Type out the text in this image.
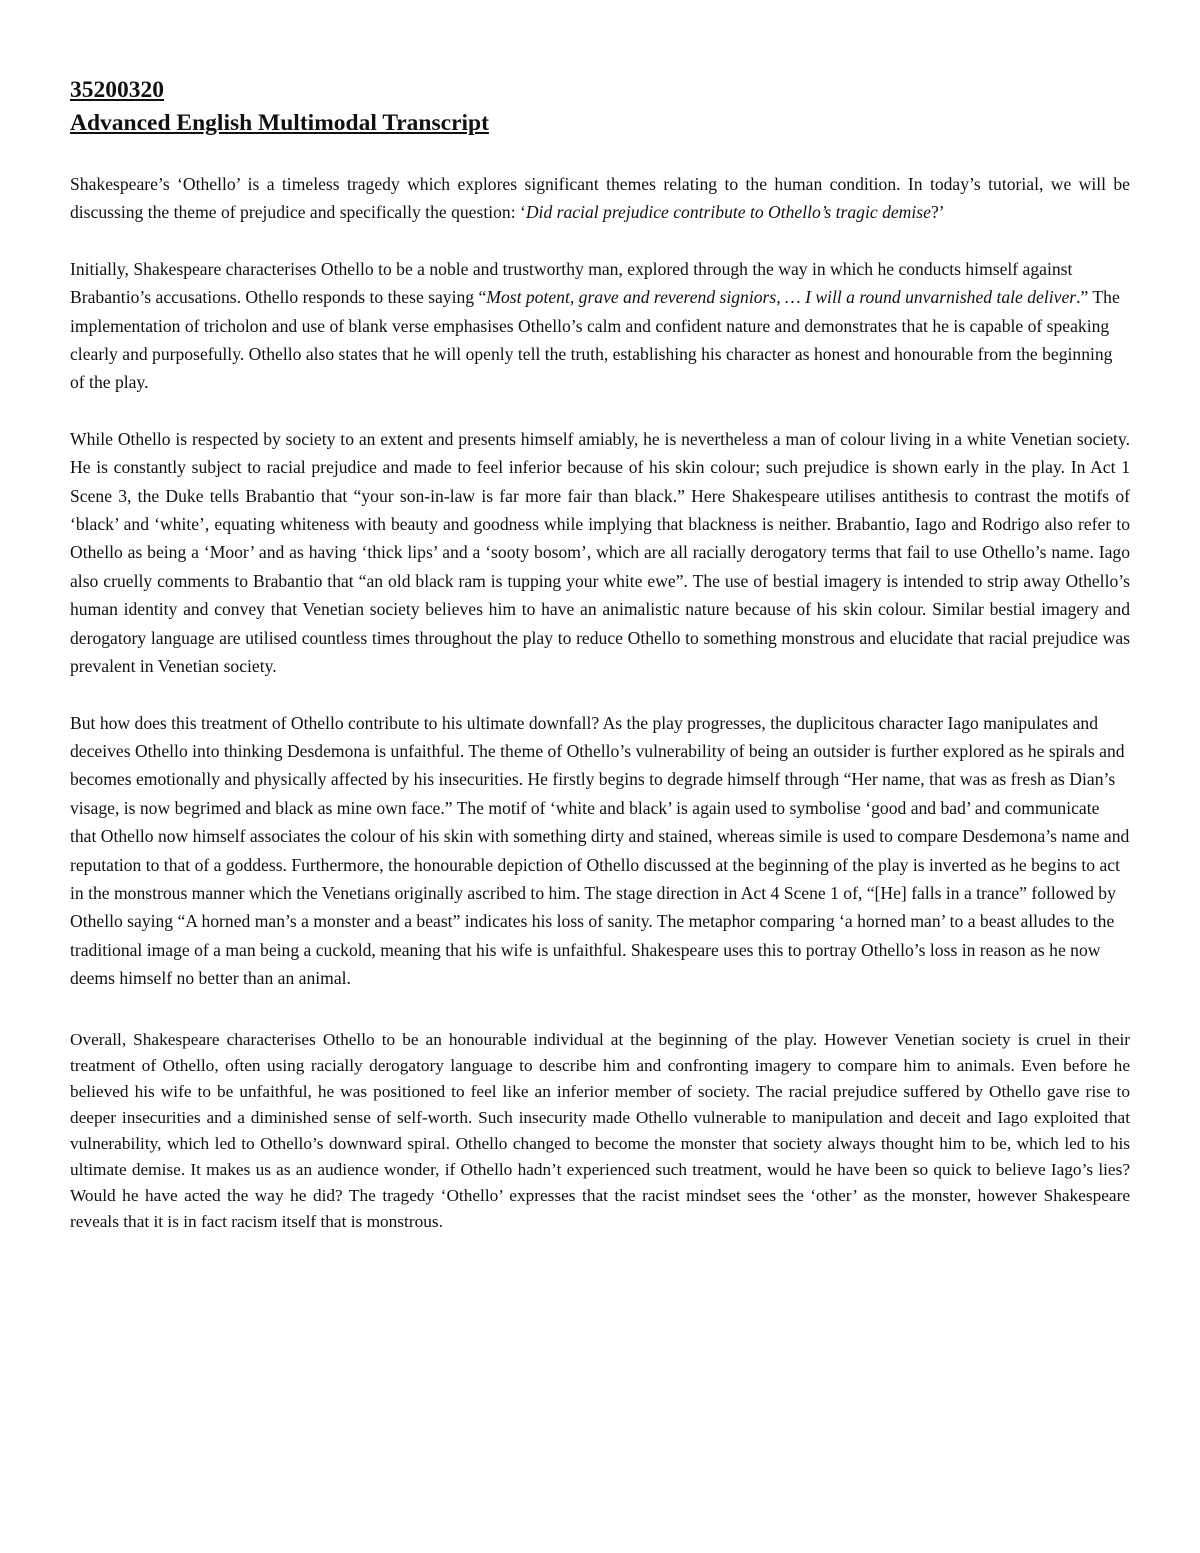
35200320
Advanced English Multimodal Transcript

Shakespeare’s ‘Othello’ is a timeless tragedy which explores significant themes relating to the human condition. In today’s tutorial, we will be discussing the theme of prejudice and specifically the question: ‘Did racial prejudice contribute to Othello’s tragic demise?’

Initially, Shakespeare characterises Othello to be a noble and trustworthy man, explored through the way in which he conducts himself against Brabantio’s accusations. Othello responds to these saying “Most potent, grave and reverend signiors, … I will a round unvarnished tale deliver.” The implementation of tricholon and use of blank verse emphasises Othello’s calm and confident nature and demonstrates that he is capable of speaking clearly and purposefully. Othello also states that he will openly tell the truth, establishing his character as honest and honourable from the beginning of the play.

While Othello is respected by society to an extent and presents himself amiably, he is nevertheless a man of colour living in a white Venetian society. He is constantly subject to racial prejudice and made to feel inferior because of his skin colour; such prejudice is shown early in the play. In Act 1 Scene 3, the Duke tells Brabantio that “your son-in-law is far more fair than black.” Here Shakespeare utilises antithesis to contrast the motifs of ‘black’ and ‘white’, equating whiteness with beauty and goodness while implying that blackness is neither. Brabantio, Iago and Rodrigo also refer to Othello as being a ‘Moor’ and as having ‘thick lips’ and a ‘sooty bosom’, which are all racially derogatory terms that fail to use Othello’s name. Iago also cruelly comments to Brabantio that “an old black ram is tupping your white ewe”. The use of bestial imagery is intended to strip away Othello’s human identity and convey that Venetian society believes him to have an animalistic nature because of his skin colour. Similar bestial imagery and derogatory language are utilised countless times throughout the play to reduce Othello to something monstrous and elucidate that racial prejudice was prevalent in Venetian society.

But how does this treatment of Othello contribute to his ultimate downfall? As the play progresses, the duplicitous character Iago manipulates and deceives Othello into thinking Desdemona is unfaithful. The theme of Othello’s vulnerability of being an outsider is further explored as he spirals and becomes emotionally and physically affected by his insecurities. He firstly begins to degrade himself through “Her name, that was as fresh as Dian’s visage, is now begrimed and black as mine own face.” The motif of ‘white and black’ is again used to symbolise ‘good and bad’ and communicate that Othello now himself associates the colour of his skin with something dirty and stained, whereas simile is used to compare Desdemona’s name and reputation to that of a goddess. Furthermore, the honourable depiction of Othello discussed at the beginning of the play is inverted as he begins to act in the monstrous manner which the Venetians originally ascribed to him. The stage direction in Act 4 Scene 1 of, “[He] falls in a trance” followed by Othello saying “A horned man’s a monster and a beast” indicates his loss of sanity. The metaphor comparing ‘a horned man’ to a beast alludes to the traditional image of a man being a cuckold, meaning that his wife is unfaithful. Shakespeare uses this to portray Othello’s loss in reason as he now deems himself no better than an animal.

Overall, Shakespeare characterises Othello to be an honourable individual at the beginning of the play. However Venetian society is cruel in their treatment of Othello, often using racially derogatory language to describe him and confronting imagery to compare him to animals. Even before he believed his wife to be unfaithful, he was positioned to feel like an inferior member of society. The racial prejudice suffered by Othello gave rise to deeper insecurities and a diminished sense of self-worth. Such insecurity made Othello vulnerable to manipulation and deceit and Iago exploited that vulnerability, which led to Othello’s downward spiral. Othello changed to become the monster that society always thought him to be, which led to his ultimate demise. It makes us as an audience wonder, if Othello hadn’t experienced such treatment, would he have been so quick to believe Iago’s lies? Would he have acted the way he did? The tragedy ‘Othello’ expresses that the racist mindset sees the ‘other’ as the monster, however Shakespeare reveals that it is in fact racism itself that is monstrous.
